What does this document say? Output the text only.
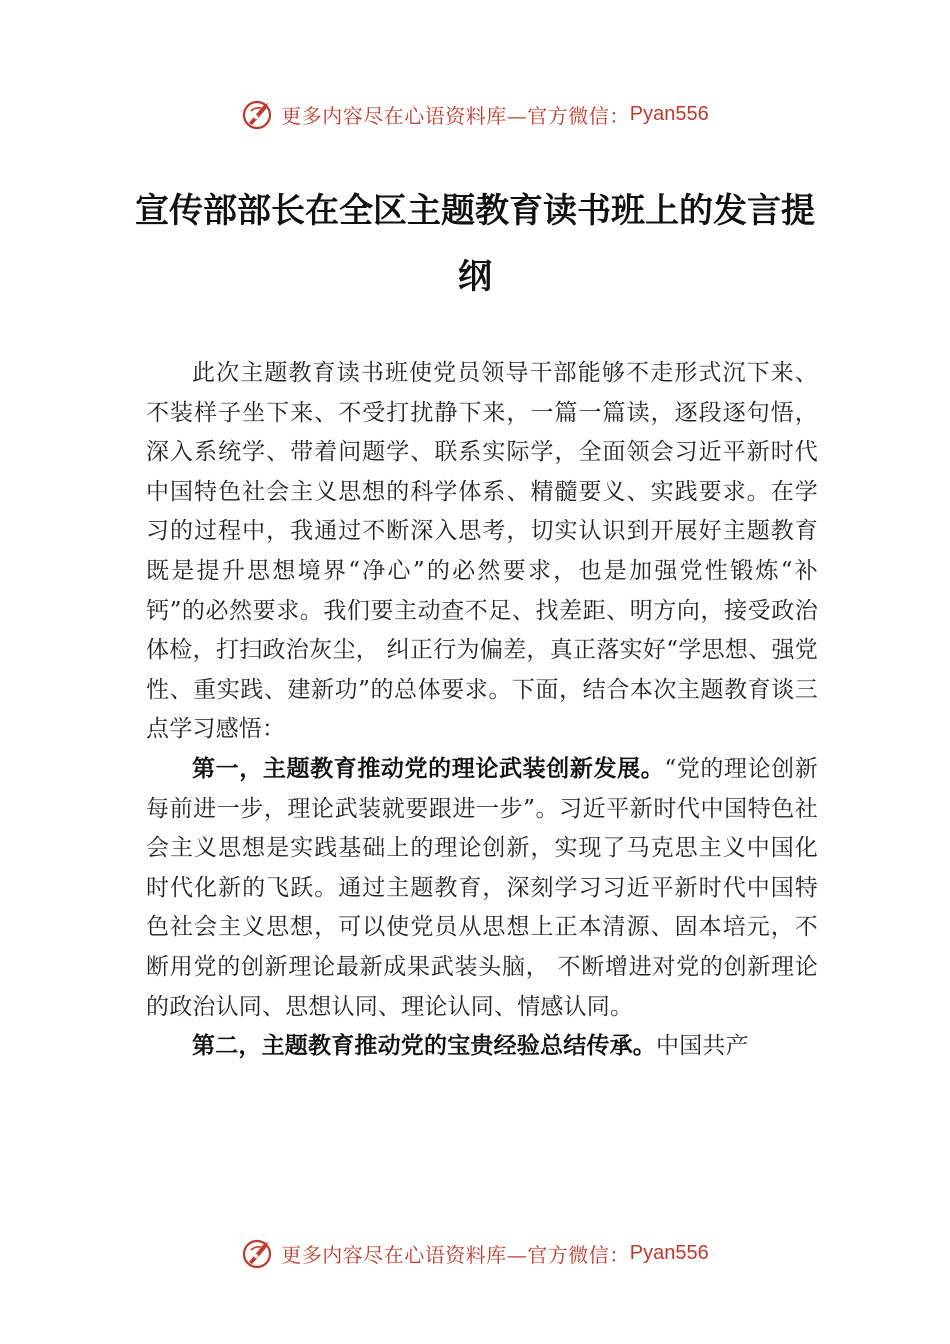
更多内容尽在心语资料库—官方微信： Pyan556
宣传部部长在全区主题教育读书班上的发言提纲

此次主题教育读书班使党员领导干部能够不走形式沉下来、不装样子坐下来、不受打扰静下来，一篇一篇读，逐段逐句悟，深入系统学、带着问题学、联系实际学，全面领会习近平新时代中国特色社会主义思想的科学体系、精髓要义、实践要求。在学习的过程中，我通过不断深入思考，切实认识到开展好主题教育既是提升思想境界“净心”的必然要求，也是加强党性锻炼“补钙”的必然要求。我们要主动查不足、找差距、明方向，接受政治体检，打扫政治灰尘， 纠正行为偏差，真正落实好“学思想、强党性、重实践、建新功”的总体要求。下面，结合本次主题教育谈三点学习感悟：

第一，主题教育推动党的理论武装创新发展。“党的理论创新每前进一步，理论武装就要跟进一步”。习近平新时代中国特色社会主义思想是实践基础上的理论创新，实现了马克思主义中国化时代化新的飞跃。通过主题教育，深刻学习习近平新时代中国特色社会主义思想，可以使党员从思想上正本清源、固本培元，不断用党的创新理论最新成果武装头脑， 不断增进对党的创新理论的政治认同、思想认同、理论认同、情感认同。

第二，主题教育推动党的宝贵经验总结传承。中国共产

更多内容尽在心语资料库—官方微信： Pyan556
